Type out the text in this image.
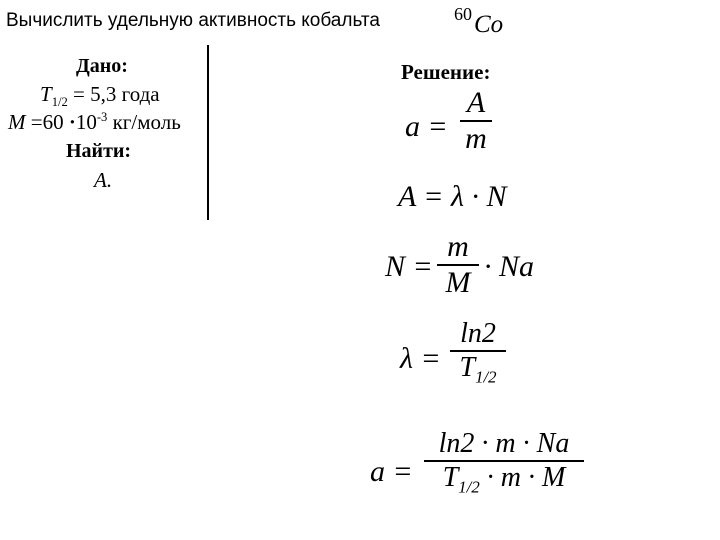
Вычислить удельную активность кобальта	60 Co
Дано:
$T_{1/2} = 5,3$ года
$M =60 \cdot 10^{-3}$ кг/моль
Найти:
A.
Решение:
a =
A
m
A = λ · N
N =
m
M · Na
λ =
ln2
$T_{1/2}$
a =
ln2 · m · Na
$T_{1/2} \cdot m \cdot M$
